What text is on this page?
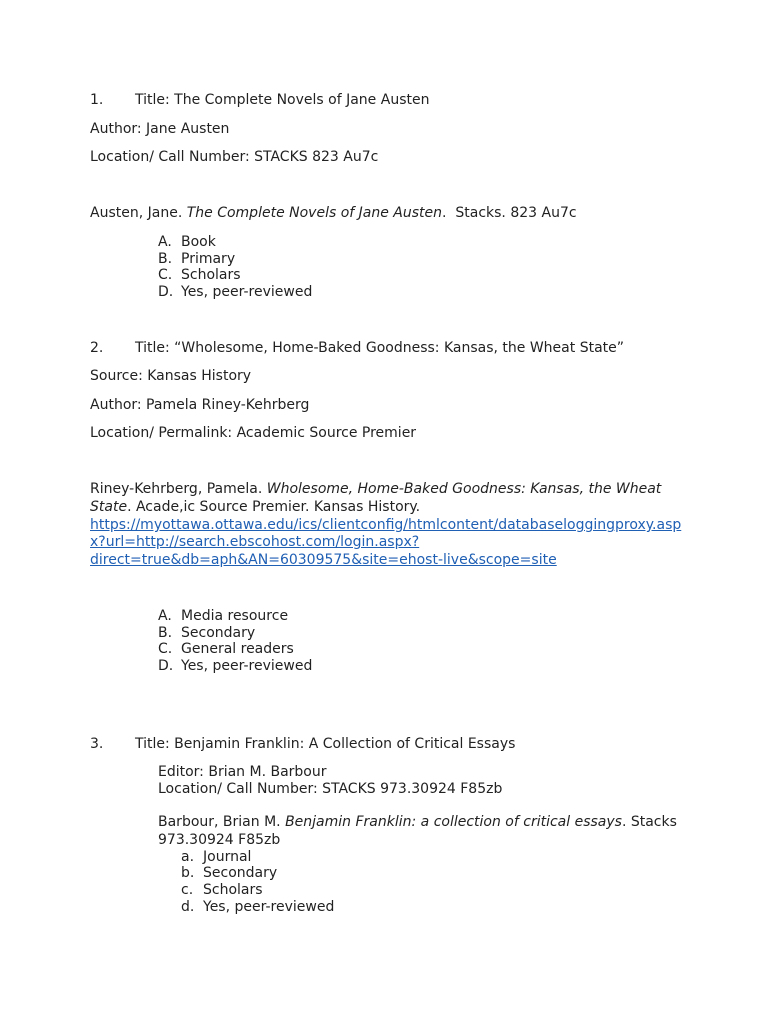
1. Title: The Complete Novels of Jane Austen
Author: Jane Austen
Location/ Call Number: STACKS 823 Au7c
Austen, Jane. The Complete Novels of Jane Austen.  Stacks. 823 Au7c
A. Book
B. Primary
C. Scholars
D. Yes, peer-reviewed
2. Title: “Wholesome, Home-Baked Goodness: Kansas, the Wheat State”
Source: Kansas History
Author: Pamela Riney-Kehrberg
Location/ Permalink: Academic Source Premier
Riney-Kehrberg, Pamela. Wholesome, Home-Baked Goodness: Kansas, the Wheat
State. Acade,ic Source Premier. Kansas History.
https://myottawa.ottawa.edu/ics/clientconfig/htmlcontent/databaseloggingproxy.asp
x?url=http://search.ebscohost.com/login.aspx?
direct=true&db=aph&AN=60309575&site=ehost-live&scope=site
A. Media resource
B. Secondary
C. General readers
D. Yes, peer-reviewed
3. Title: Benjamin Franklin: A Collection of Critical Essays
Editor: Brian M. Barbour
Location/ Call Number: STACKS 973.30924 F85zb
Barbour, Brian M. Benjamin Franklin: a collection of critical essays. Stacks
973.30924 F85zb
a. Journal
b. Secondary
c. Scholars
d. Yes, peer-reviewed
